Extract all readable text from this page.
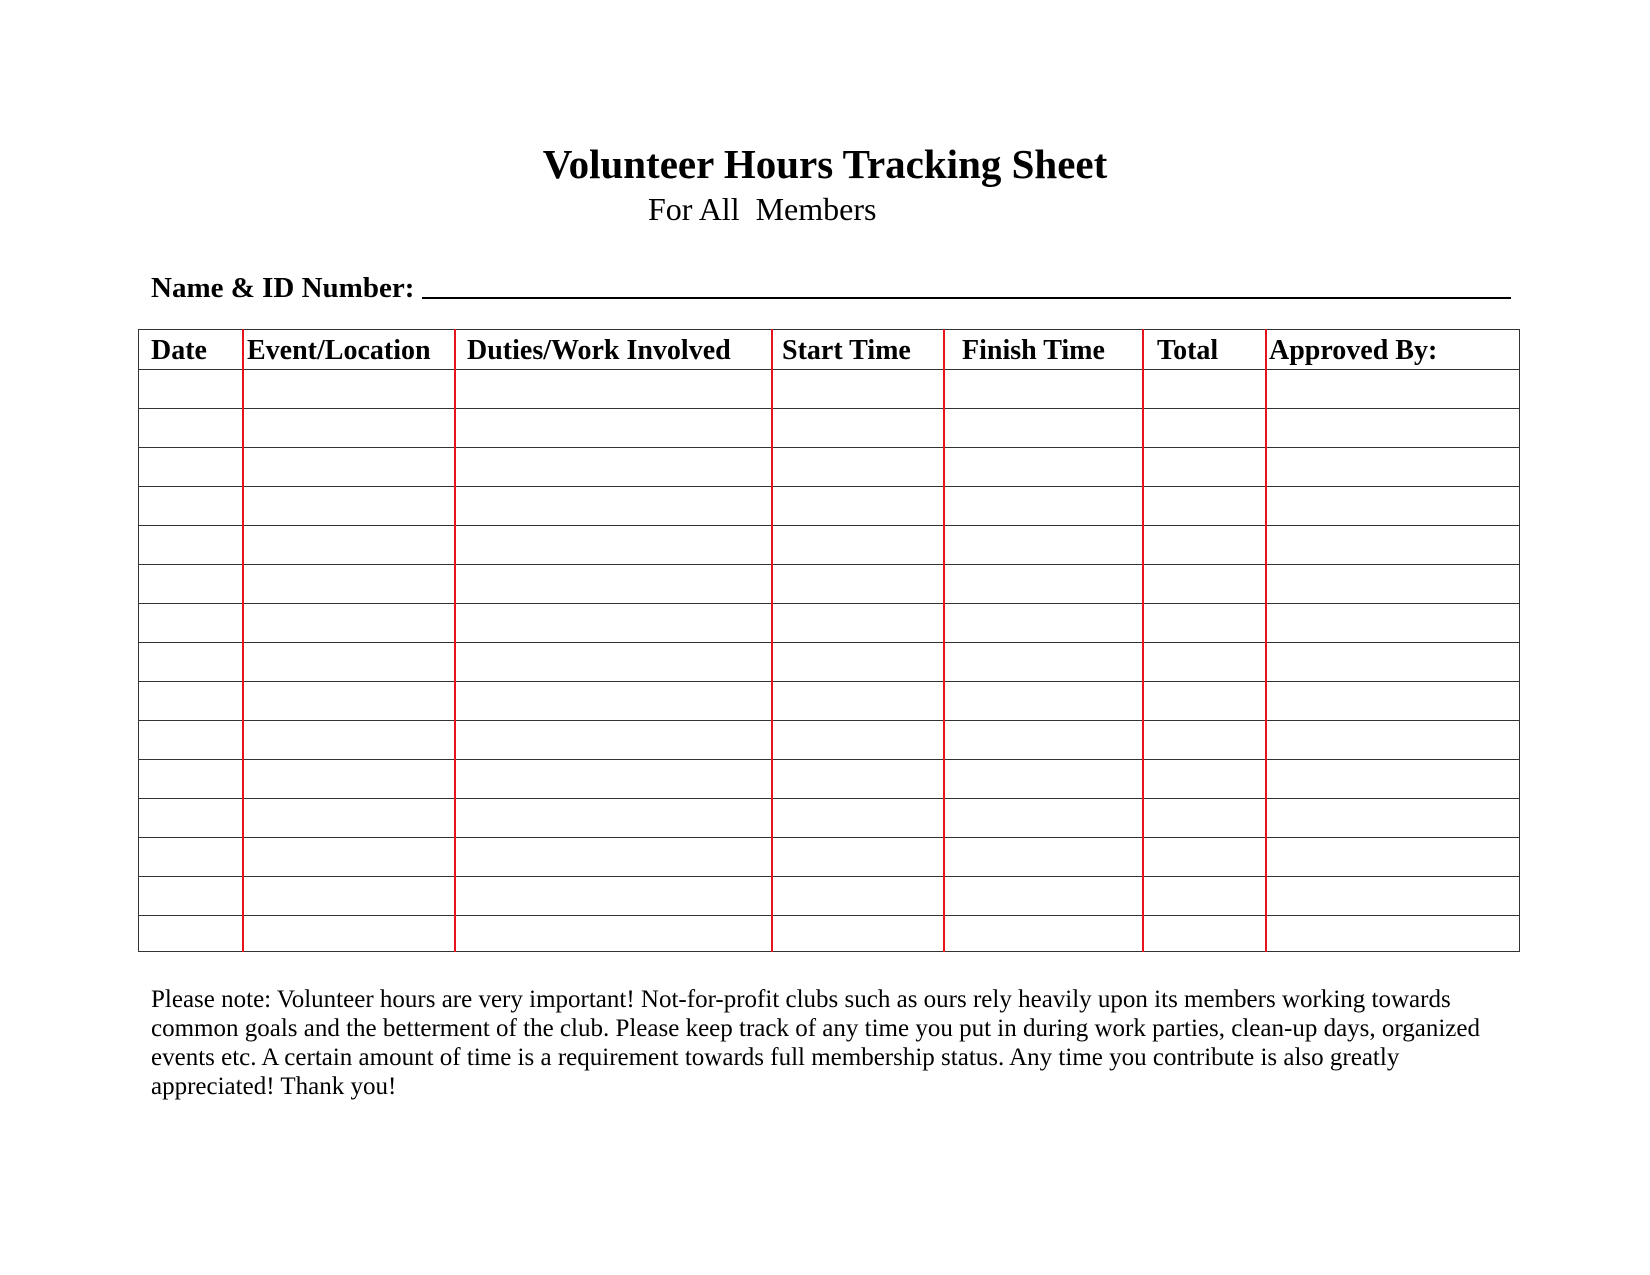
Volunteer Hours Tracking Sheet
For All  Members
Name & ID Number:
Date Event/Location Duties/Work Involved Start Time Finish Time Total Approved By:

Please note: Volunteer hours are very important! Not-for-profit clubs such as ours rely heavily upon its members working towards common goals and the betterment of the club. Please keep track of any time you put in during work parties, clean-up days, organized events etc. A certain amount of time is a requirement towards full membership status. Any time you contribute is also greatly appreciated! Thank you!
